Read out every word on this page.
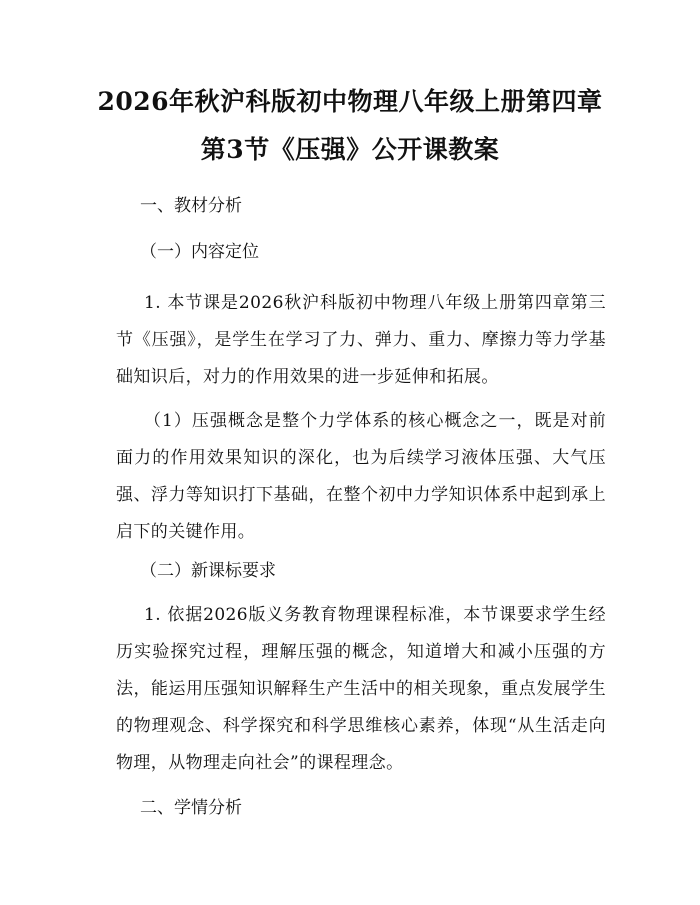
2026年秋沪科版初中物理八年级上册第四章
第3节《压强》公开课教案
一、教材分析
（一）内容定位
1. 本节课是2026秋沪科版初中物理八年级上册第四章第三节《压强》，是学生在学习了力、弹力、重力、摩擦力等力学基础知识后，对力的作用效果的进一步延伸和拓展。
（1）压强概念是整个力学体系的核心概念之一，既是对前面力的作用效果知识的深化，也为后续学习液体压强、大气压强、浮力等知识打下基础，在整个初中力学知识体系中起到承上启下的关键作用。
（二）新课标要求
1. 依据2026版义务教育物理课程标准，本节课要求学生经历实验探究过程，理解压强的概念，知道增大和减小压强的方法，能运用压强知识解释生产生活中的相关现象，重点发展学生的物理观念、科学探究和科学思维核心素养，体现“从生活走向物理，从物理走向社会”的课程理念。
二、学情分析
